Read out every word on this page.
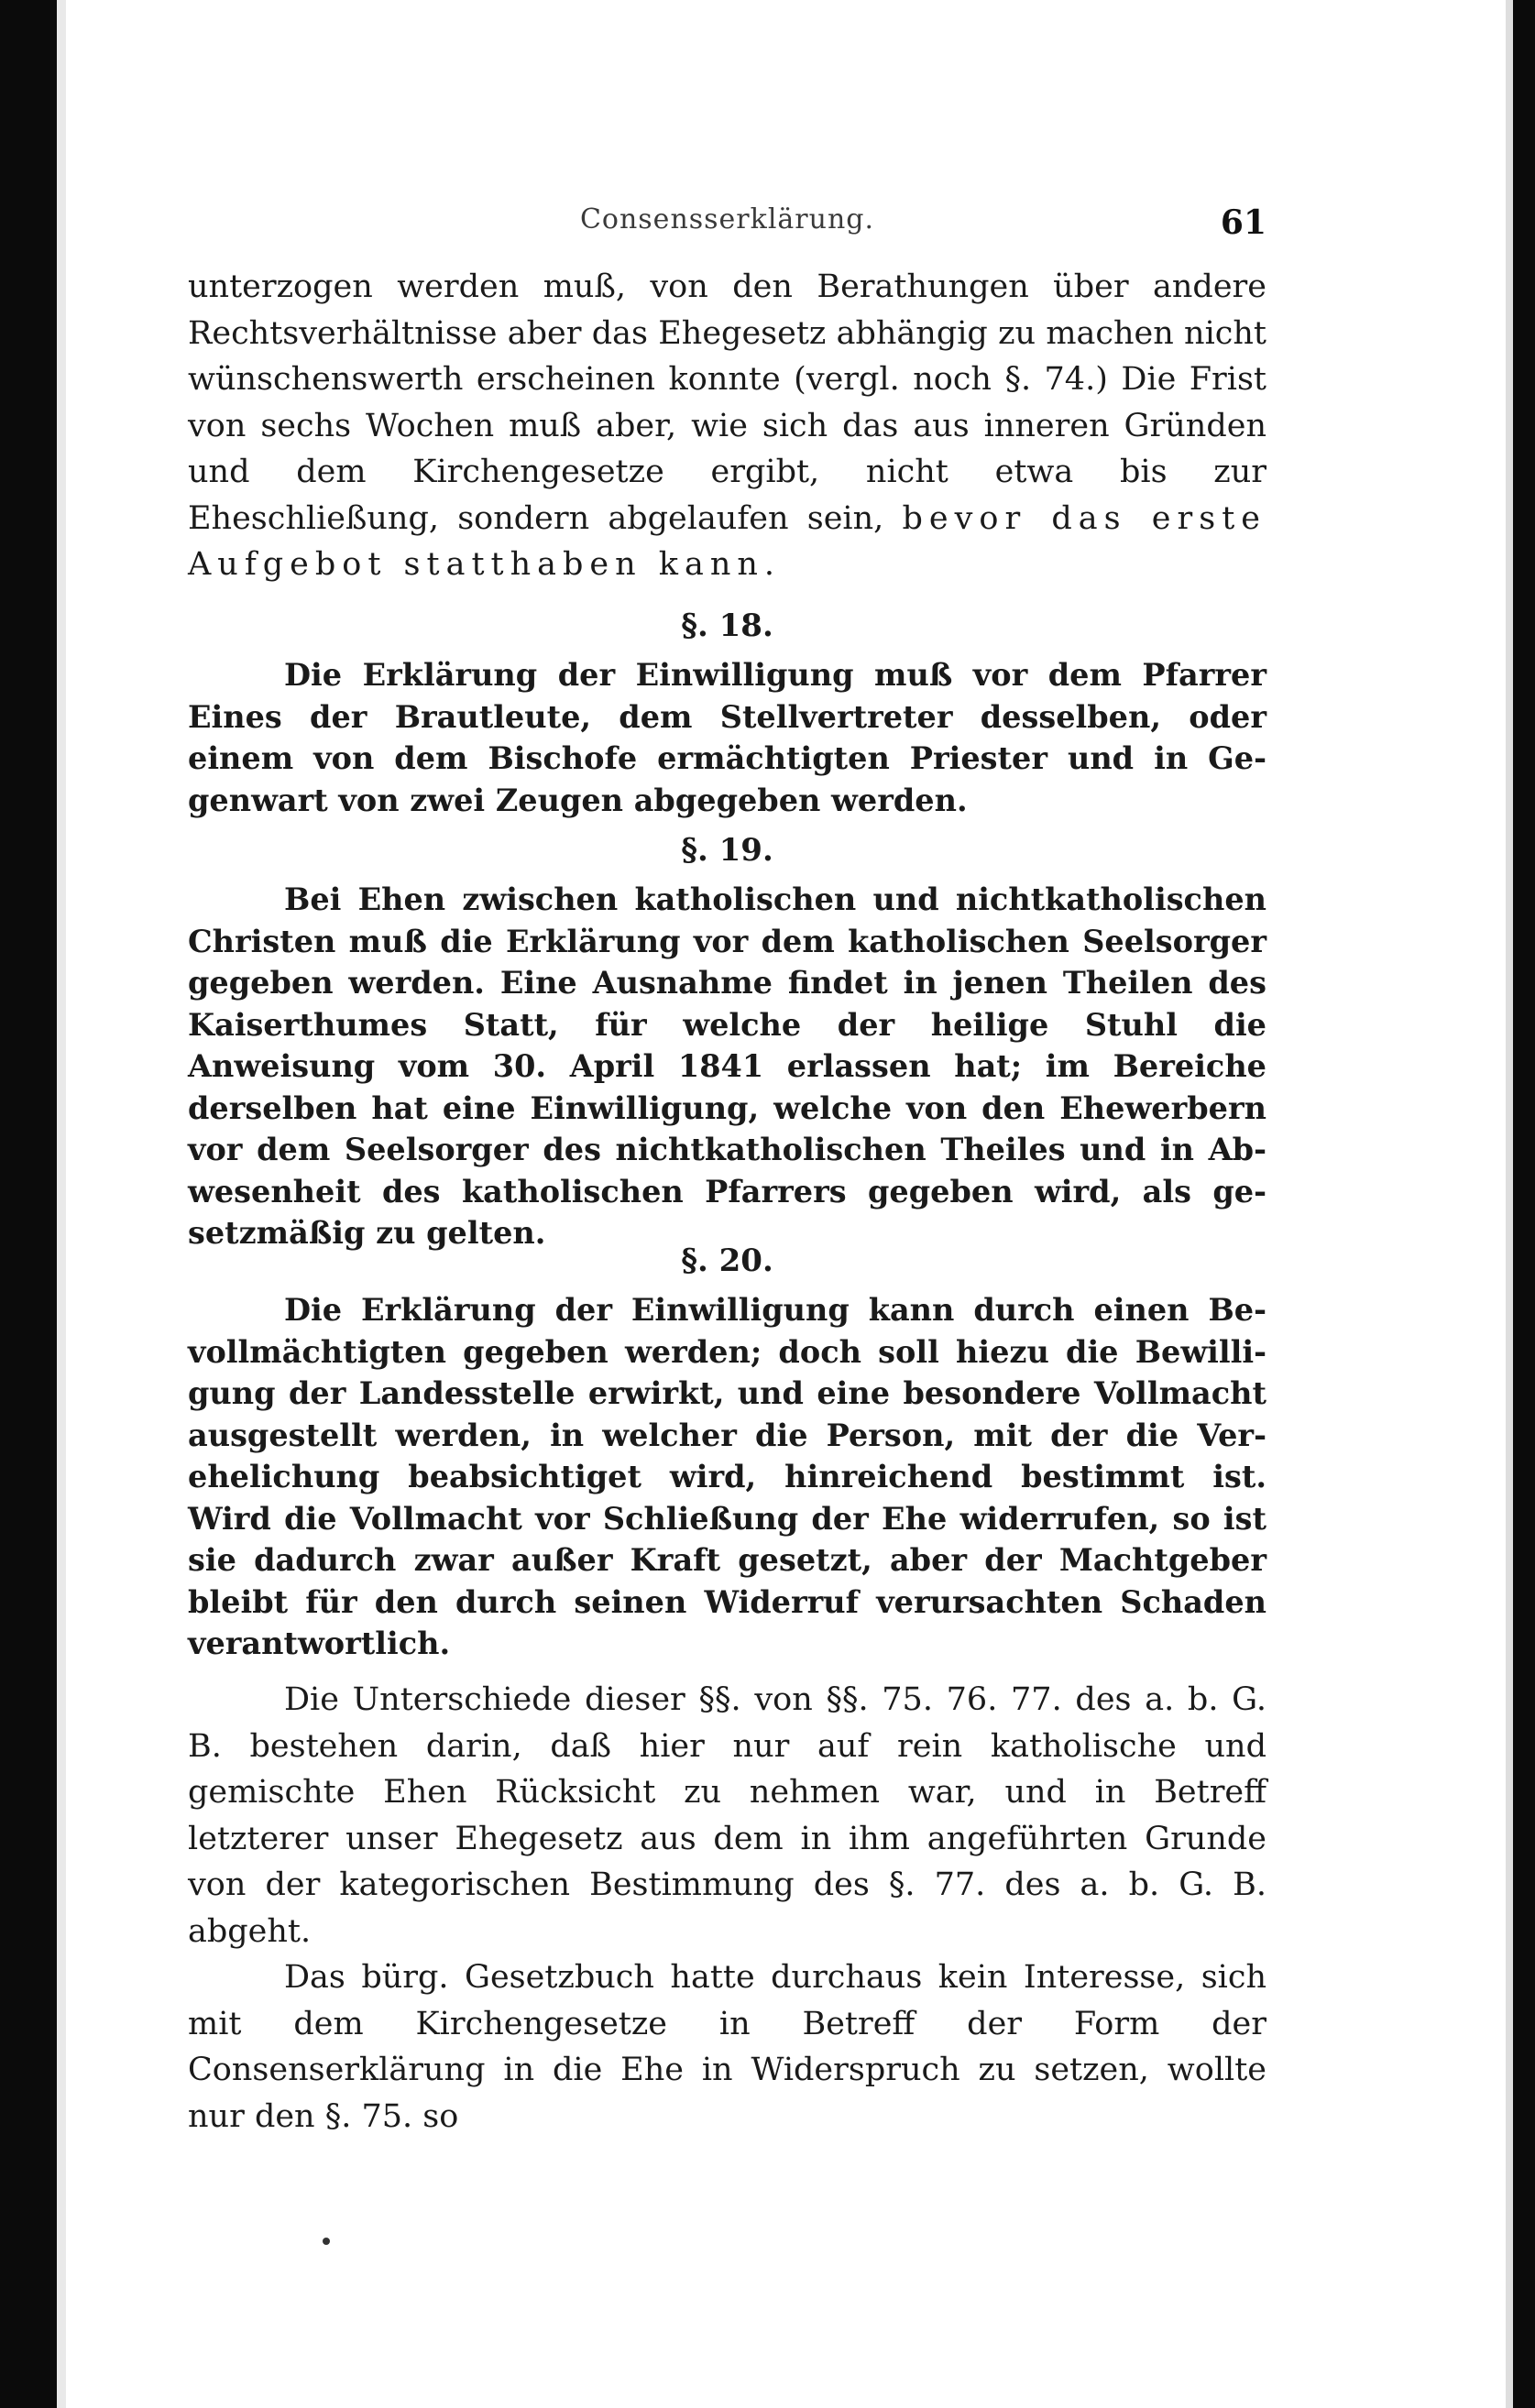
Consensserklärung.	61

unterzogen werden muß, von den Berathungen über andere Rechtsverhältnisse aber das Ehegesetz abhängig zu machen nicht wünschenswerth erscheinen konnte (vergl. noch §. 74.) Die Frist von sechs Wochen muß aber, wie sich das aus inneren Gründen und dem Kirchengesetze ergibt, nicht etwa bis zur Eheschließung, sondern abgelaufen sein, bevor das erste Aufgebot statthaben kann.

§. 18.

Die Erklärung der Einwilligung muß vor dem Pfarrer Eines der Brautleute, dem Stellvertreter desselben, oder einem von dem Bischofe ermächtigten Priester und in Gegenwart von zwei Zeugen abgegeben werden.

§. 19.

Bei Ehen zwischen katholischen und nichtkatholischen Christen muß die Erklärung vor dem katholischen Seelsorger gegeben werden. Eine Ausnahme findet in jenen Theilen des Kaiserthumes Statt, für welche der heilige Stuhl die Anweisung vom 30. April 1841 erlassen hat; im Bereiche derselben hat eine Einwilligung, welche von den Ehewerbern vor dem Seelsorger des nichtkatholischen Theiles und in Abwesenheit des katholischen Pfarrers gegeben wird, als gesetzmäßig zu gelten.

§. 20.

Die Erklärung der Einwilligung kann durch einen Bevollmächtigten gegeben werden; doch soll hiezu die Bewilligung der Landesstelle erwirkt, und eine besondere Vollmacht ausgestellt werden, in welcher die Person, mit der die Verehelichung beabsichtiget wird, hinreichend bestimmt ist. Wird die Vollmacht vor Schließung der Ehe widerrufen, so ist sie dadurch zwar außer Kraft gesetzt, aber der Machtgeber bleibt für den durch seinen Widerruf verursachten Schaden verantwortlich.

Die Unterschiede dieser §§. von §§. 75. 76. 77. des a. b. G. B. bestehen darin, daß hier nur auf rein katholische und gemischte Ehen Rücksicht zu nehmen war, und in Betreff letzterer unser Ehegesetz aus dem in ihm angeführten Grunde von der kategorischen Bestimmung des §. 77. des a. b. G. B. abgeht.

Das bürg. Gesetzbuch hatte durchaus kein Interesse, sich mit dem Kirchengesetze in Betreff der Form der Consenserklärung in die Ehe in Widerspruch zu setzen, wollte nur den §. 75. so
